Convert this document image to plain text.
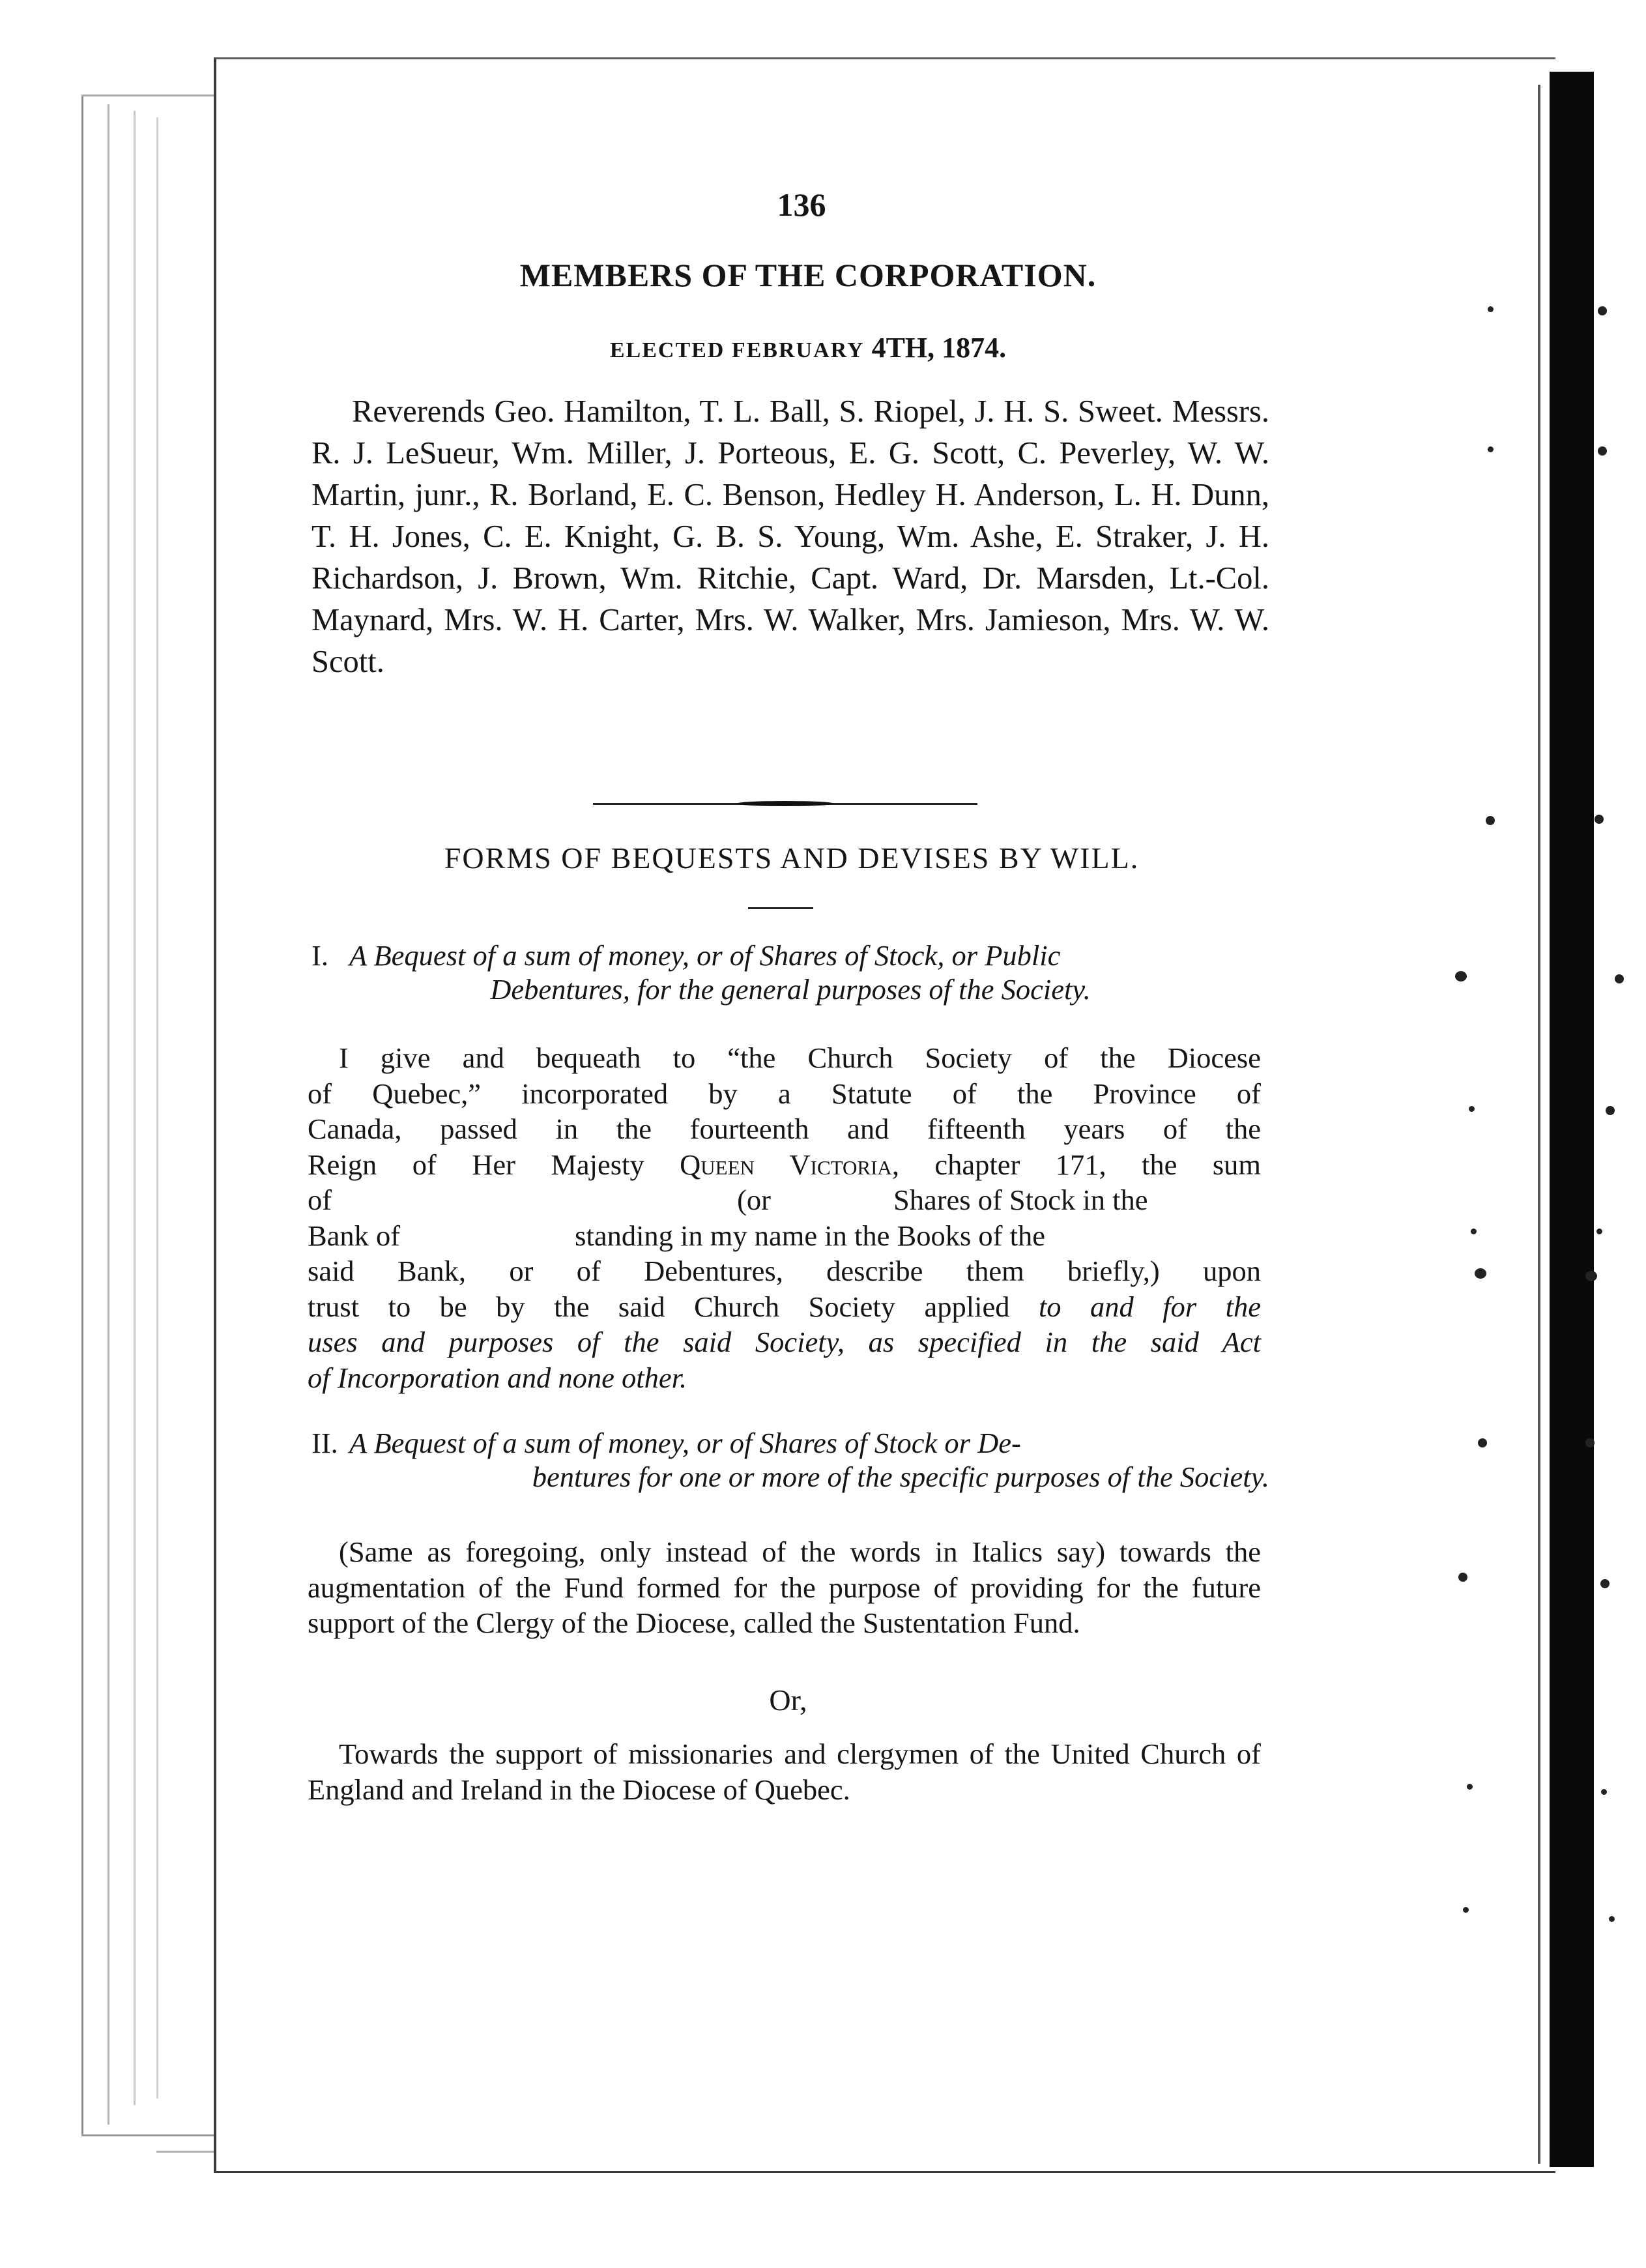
136
MEMBERS OF THE CORPORATION.
ELECTED FEBRUARY 4TH, 1874.
Reverends Geo. Hamilton, T. L. Ball, S. Riopel, J. H. S. Sweet. Messrs. R. J. LeSueur, Wm. Miller, J. Porteous, E. G. Scott, C. Peverley, W. W. Martin, junr., R. Borland, E. C. Benson, Hedley H. Anderson, L. H. Dunn, T. H. Jones, C. E. Knight, G. B. S. Young, Wm. Ashe, E. Straker, J. H. Richardson, J. Brown, Wm. Ritchie, Capt. Ward, Dr. Marsden, Lt.-Col. Maynard, Mrs. W. H. Carter, Mrs. W. Walker, Mrs. Jamieson, Mrs. W. W. Scott.
FORMS OF BEQUESTS AND DEVISES BY WILL.
I. A Bequest of a sum of money, or of Shares of Stock, or Public
Debentures, for the general purposes of the Society.
I give and bequeath to “the Church Society of the Diocese
of Quebec,” incorporated by a Statute of the Province of
Canada, passed in the fourteenth and fifteenth years of the
Reign of Her Majesty Queen Victoria, chapter 171, the sum
of	(or	Shares of Stock in the
Bank of	standing in my name in the Books of the
said Bank, or of Debentures, describe them briefly,) upon
trust to be by the said Church Society applied to and for the
uses and purposes of the said Society, as specified in the said Act
of Incorporation and none other.
II. A Bequest of a sum of money, or of Shares of Stock or De-
bentures for one or more of the specific purposes of the Society.
(Same as foregoing, only instead of the words in Italics say) towards the augmentation of the Fund formed for the purpose of providing for the future support of the Clergy of the Diocese, called the Sustentation Fund.
Or,
Towards the support of missionaries and clergymen of the United Church of England and Ireland in the Diocese of Quebec.
